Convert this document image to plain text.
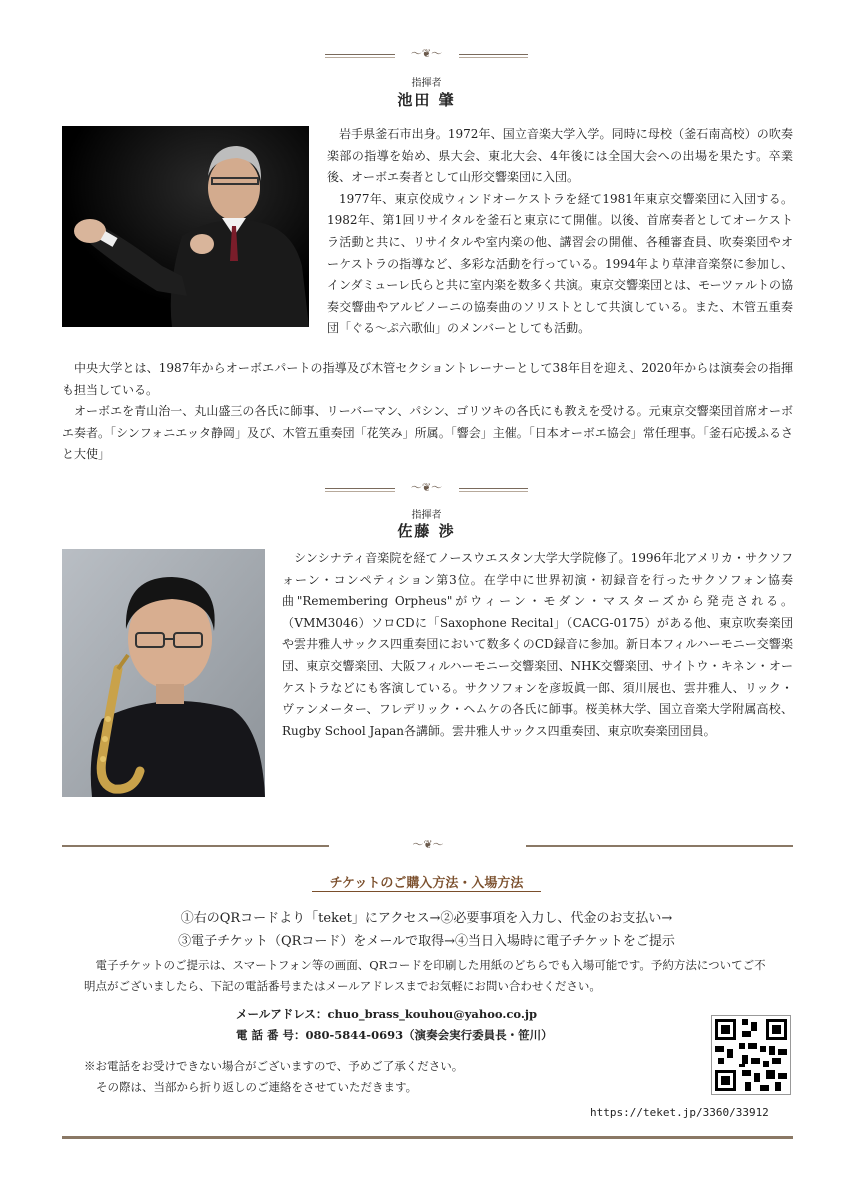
〜❦〜
指揮者
池田 肇

岩手県釜石市出身。1972年、国立音楽大学入学。同時に母校（釜石南高校）の吹奏楽部の指導を始め、県大会、東北大会、4年後には全国大会への出場を果たす。卒業後、オーボエ奏者として山形交響楽団に入団。

1977年、東京佼成ウィンドオーケストラを経て1981年東京交響楽団に入団する。1982年、第1回リサイタルを釜石と東京にて開催。以後、首席奏者としてオーケストラ活動と共に、リサイタルや室内楽の他、講習会の開催、各種審査員、吹奏楽団やオーケストラの指導など、多彩な活動を行っている。1994年より草津音楽祭に参加し、インダミューレ氏らと共に室内楽を数多く共演。東京交響楽団とは、モーツァルトの協奏交響曲やアルビノーニの協奏曲のソリストとして共演している。また、木管五重奏団「ぐる〜ぷ六歌仙」のメンバーとしても活動。

中央大学とは、1987年からオーボエパートの指導及び木管セクショントレーナーとして38年目を迎え、2020年からは演奏会の指揮も担当している。

オーボエを青山治一、丸山盛三の各氏に師事、リーバーマン、パシン、ゴリツキの各氏にも教えを受ける。元東京交響楽団首席オーボエ奏者。「シンフォニエッタ静岡」及び、木管五重奏団「花笑み」所属。「響会」主催。「日本オーボエ協会」常任理事。「釜石応援ふるさと大使」

〜❦〜
指揮者
佐藤 渉

シンシナティ音楽院を経てノースウエスタン大学大学院修了。1996年北アメリカ・サクソフォーン・コンペティション第3位。在学中に世界初演・初録音を行ったサクソフォン協奏曲"Remembering Orpheus"がウィーン・モダン・マスターズから発売される。（VMM3046）ソロCDに「Saxophone Recital」（CACG-0175）がある他、東京吹奏楽団や雲井雅人サックス四重奏団において数多くのCD録音に参加。新日本フィルハーモニー交響楽団、東京交響楽団、大阪フィルハーモニー交響楽団、NHK交響楽団、サイトウ・キネン・オーケストラなどにも客演している。サクソフォンを彦坂眞一郎、須川展也、雲井雅人、リック・ヴァンメーター、フレデリック・ヘムケの各氏に師事。桜美林大学、国立音楽大学附属高校、Rugby School Japan各講師。雲井雅人サックス四重奏団、東京吹奏楽団団員。

〜❦〜
チケットのご購入方法・入場方法
①右のQRコードより「teket」にアクセス→②必要事項を入力し、代金のお支払い→
③電子チケット（QRコード）をメールで取得→④当日入場時に電子チケットをご提示
電子チケットのご提示は、スマートフォン等の画面、QRコードを印刷した用紙のどちらでも入場可能です。予約方法についてご不明点がございましたら、下記の電話番号またはメールアドレスまでお気軽にお問い合わせください。
メールアドレス：chuo_brass_kouhou@yahoo.co.jp
電 話 番 号：080-5844-0693（演奏会実行委員長・笹川）
※お電話をお受けできない場合がございますので、予めご了承ください。
その際は、当部から折り返しのご連絡をさせていただきます。
https://teket.jp/3360/33912
